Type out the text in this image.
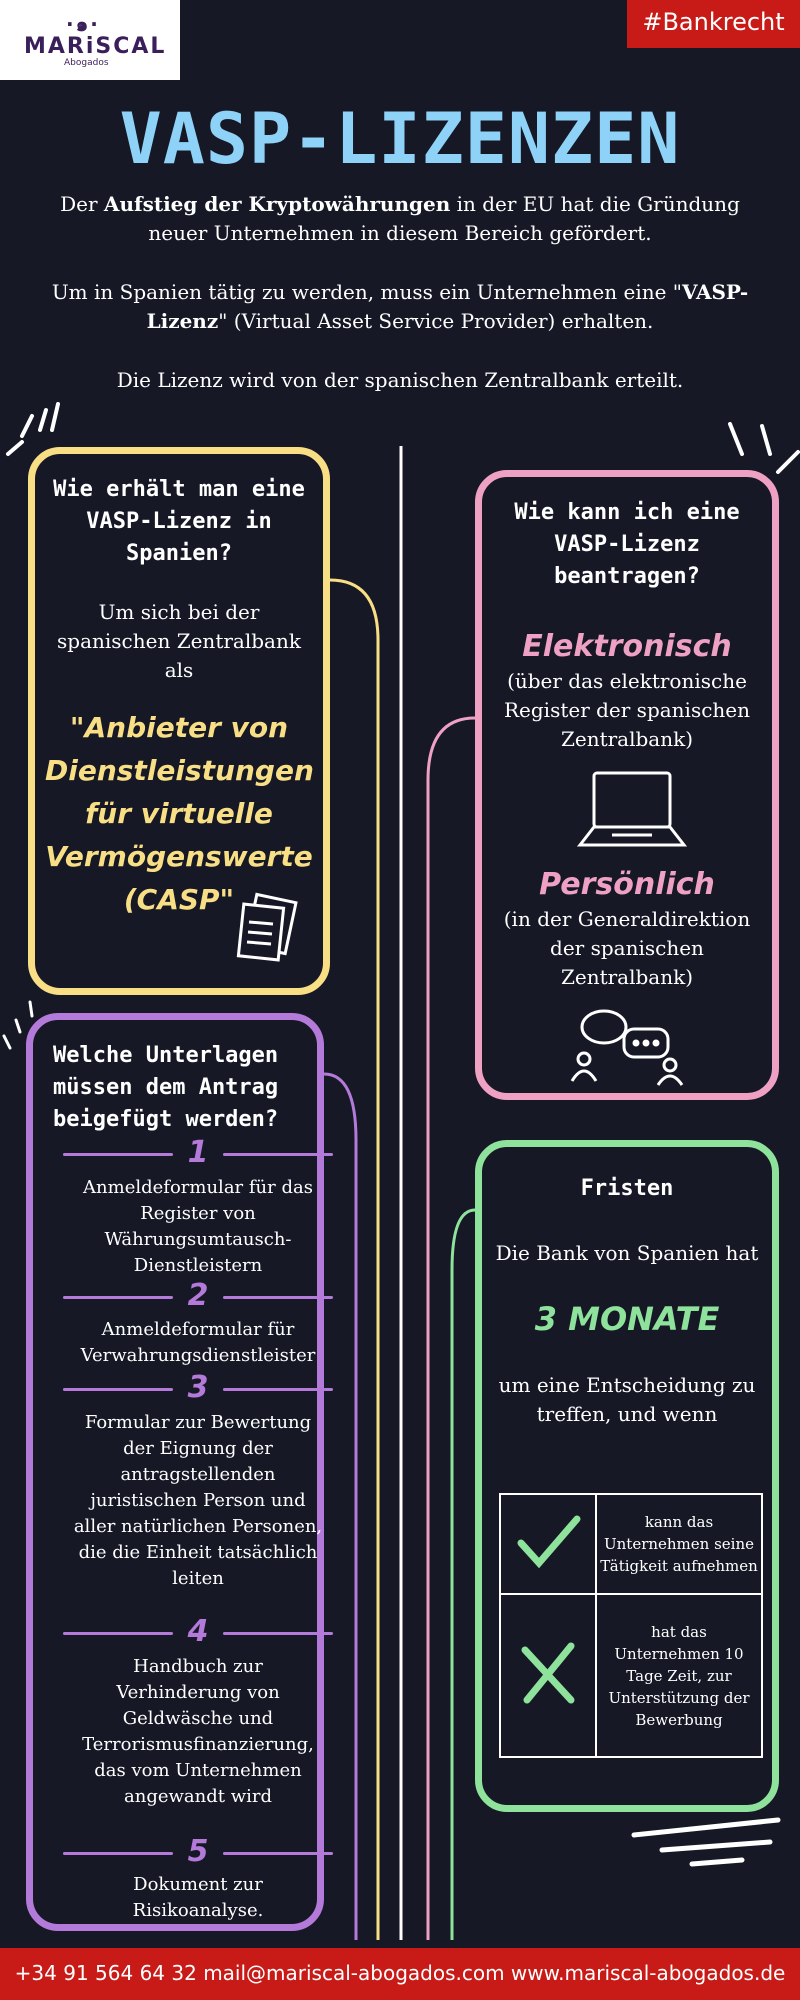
·๑·
MARiSCAL
Abogados
#Bankrecht
VASP-LIZENZEN
Der Aufstieg der Kryptowährungen in der EU hat die Gründung neuer Unternehmen in diesem Bereich gefördert.
Um in Spanien tätig zu werden, muss ein Unternehmen eine "VASP-Lizenz" (Virtual Asset Service Provider) erhalten.
Die Lizenz wird von der spanischen Zentralbank erteilt.
Wie erhält man eine VASP-Lizenz in Spanien?
Um sich bei der spanischen Zentralbank als
"Anbieter von Dienstleistungen für virtuelle Vermögenswerte (CASP"
Wie kann ich eine VASP-Lizenz beantragen?
Elektronisch
(über das elektronische Register der spanischen Zentralbank)
Persönlich
(in der Generaldirektion der spanischen Zentralbank)
Welche Unterlagen müssen dem Antrag beigefügt werden?
1
Anmeldeformular für das Register von Währungsumtausch-Dienstleistern
2
Anmeldeformular für Verwahrungsdienstleister
3
Formular zur Bewertung der Eignung der antragstellenden juristischen Person und aller natürlichen Personen, die die Einheit tatsächlich leiten
4
Handbuch zur Verhinderung von Geldwäsche und Terrorismusfinanzierung, das vom Unternehmen angewandt wird
5
Dokument zur Risikoanalyse.
Fristen
Die Bank von Spanien hat
3 MONATE
um eine Entscheidung zu treffen, und wenn
	kann das Unternehmen seine Tätigkeit aufnehmen
	hat das Unternehmen 10 Tage Zeit, zur Unterstützung der Bewerbung
+34 91 564 64 32 mail@mariscal-abogados.com www.mariscal-abogados.de
